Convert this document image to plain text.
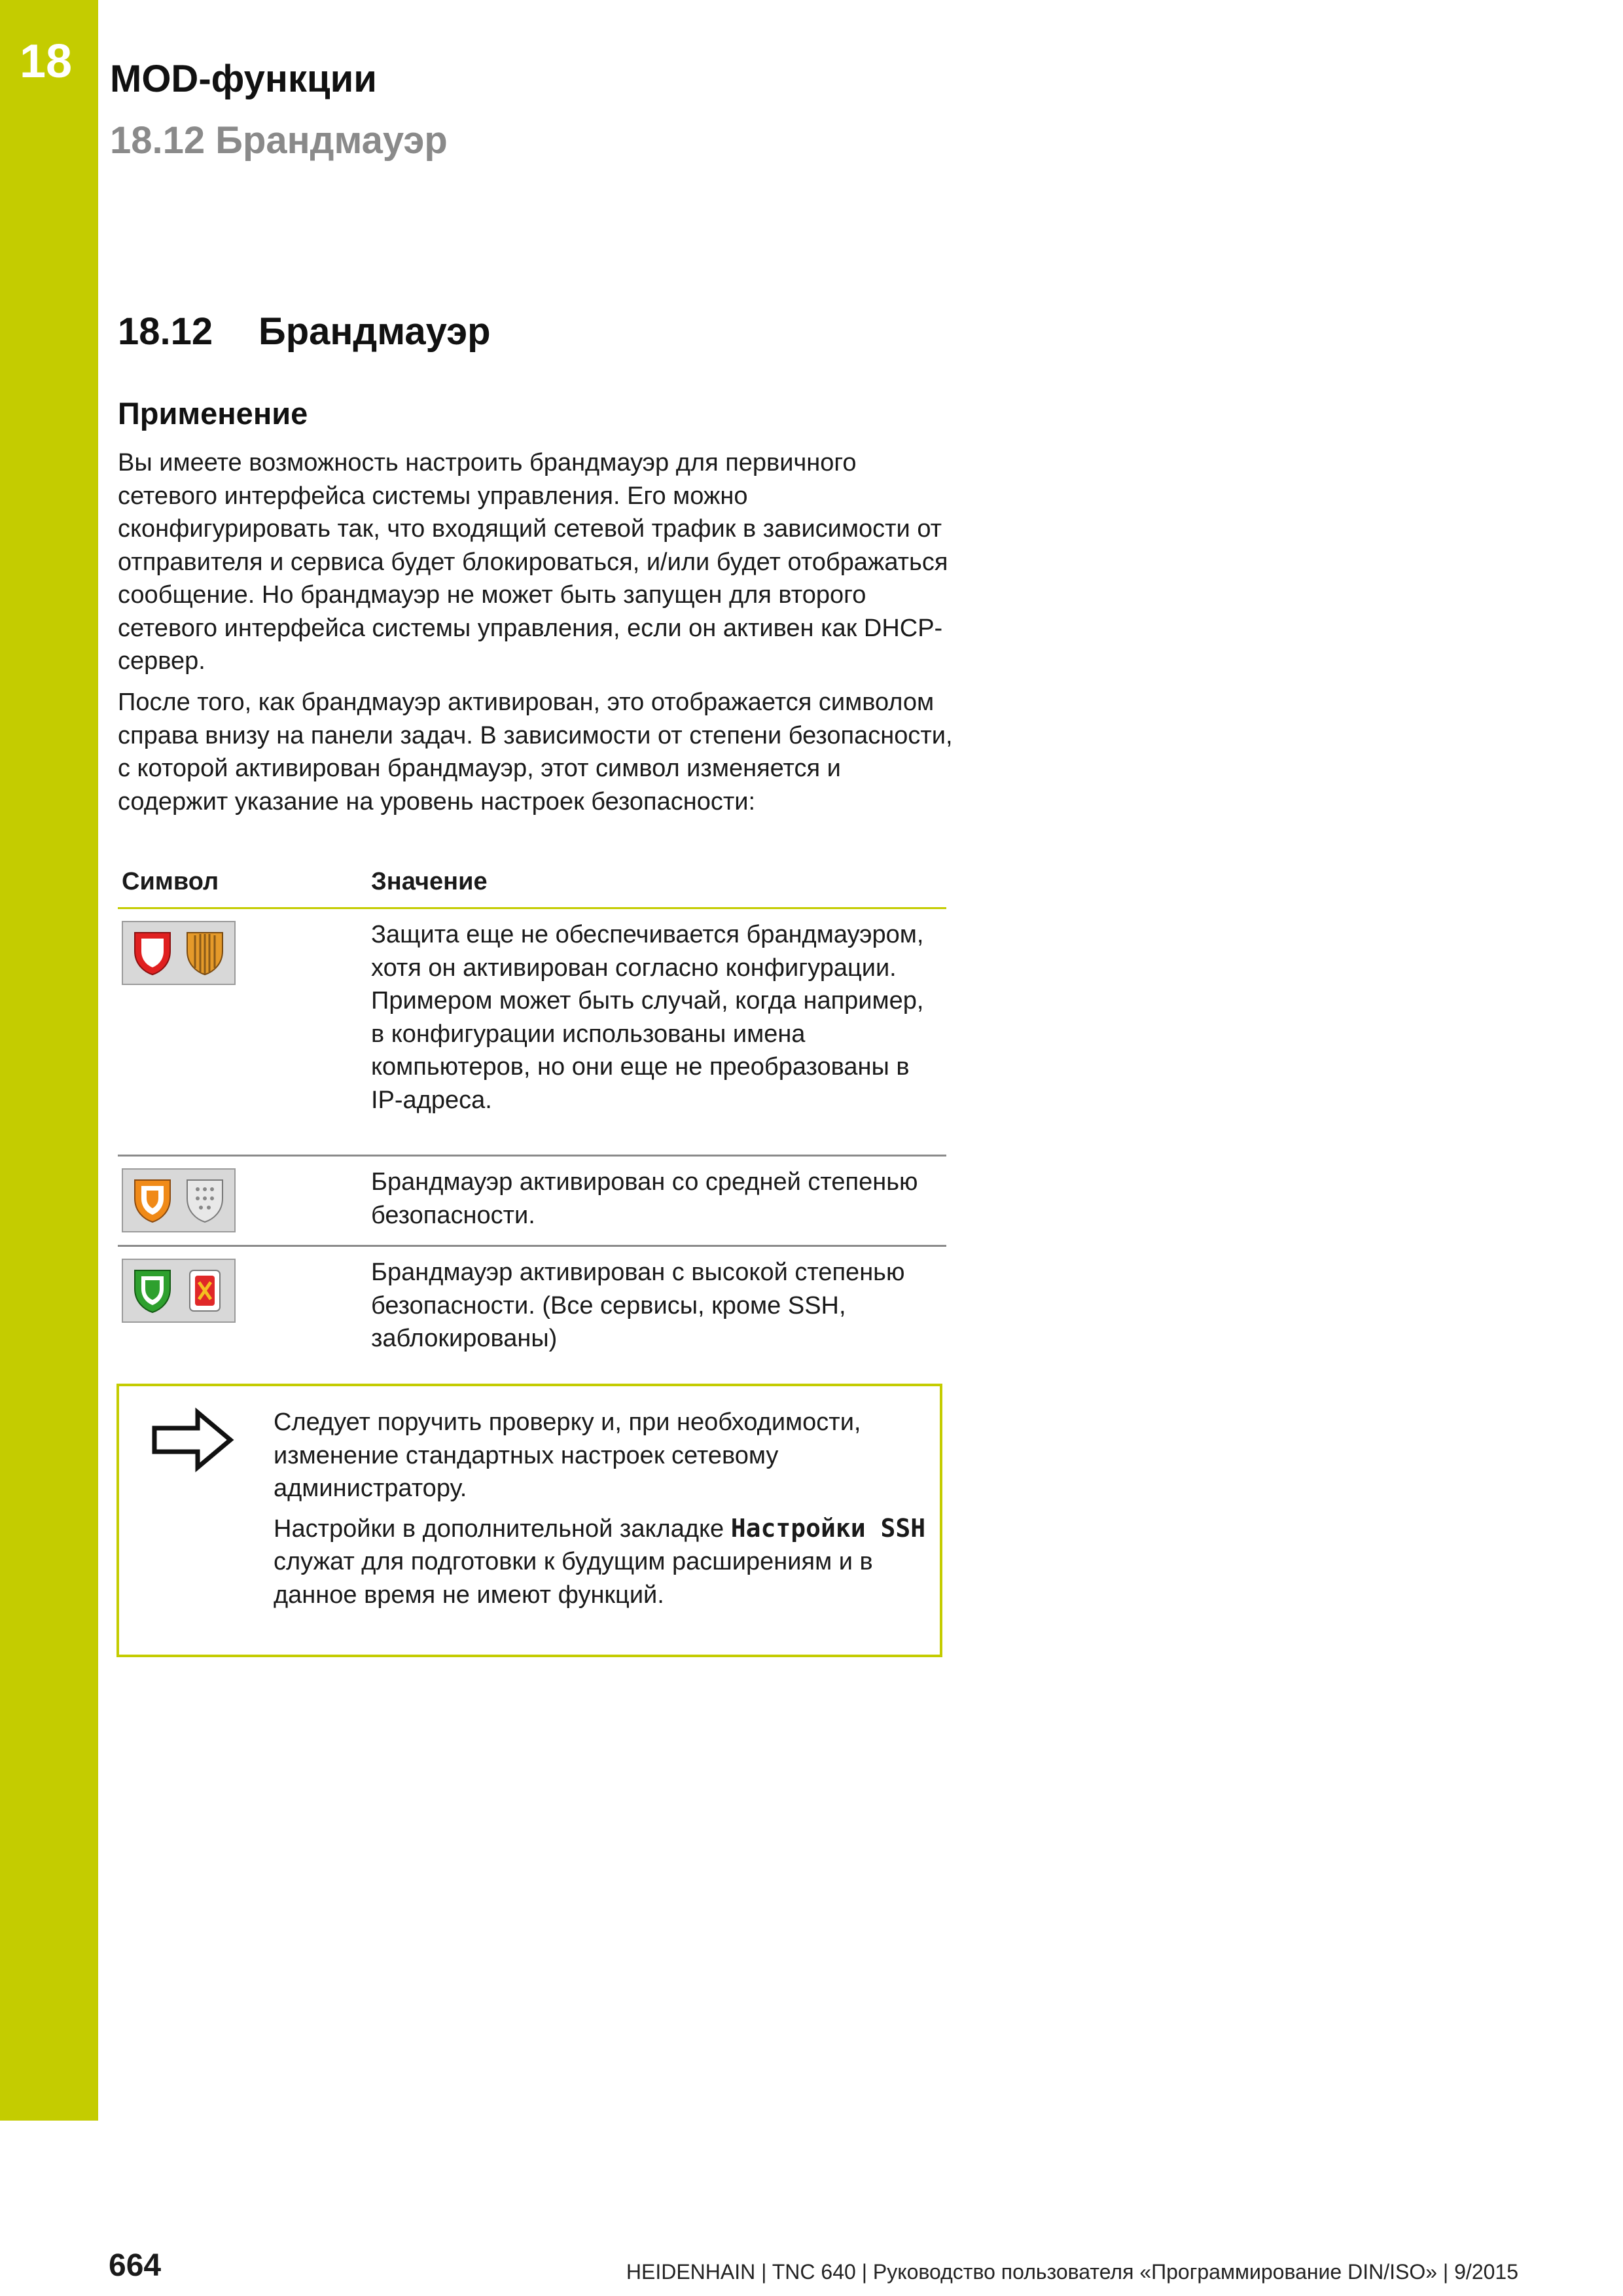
18 MOD-функции
18.12 Брандмауэр
18.12 Брандмауэр
Применение

Вы имеете возможность настроить брандмауэр для первичного сетевого интерфейса системы управления. Его можно сконфигурировать так, что входящий сетевой трафик в зависимости от отправителя и сервиса будет блокироваться, и/или будет отображаться сообщение. Но брандмауэр не может быть запущен для второго сетевого интерфейса системы управления, если он активен как DHCP-сервер.

После того, как брандмауэр активирован, это отображается символом справа внизу на панели задач. В зависимости от степени безопасности, с которой активирован брандмауэр, этот символ изменяется и содержит указание на уровень настроек безопасности:

Символ	Значение
Защита еще не обеспечивается брандмауэром, хотя он активирован согласно конфигурации. Примером может быть случай, когда например, в конфигурации использованы имена компьютеров, но они еще не преобразованы в IP-адреса.
Брандмауэр активирован со средней степенью безопасности.
Брандмауэр активирован с высокой степенью безопасности. (Все сервисы, кроме SSH, заблокированы)

Следует поручить проверку и, при необходимости, изменение стандартных настроек сетевому администратору.

Настройки в дополнительной закладке Настройки SSH служат для подготовки к будущим расширениям и в данное время не имеют функций.

664	HEIDENHAIN | TNC 640 | Руководство пользователя «Программирование DIN/ISO» | 9/2015
